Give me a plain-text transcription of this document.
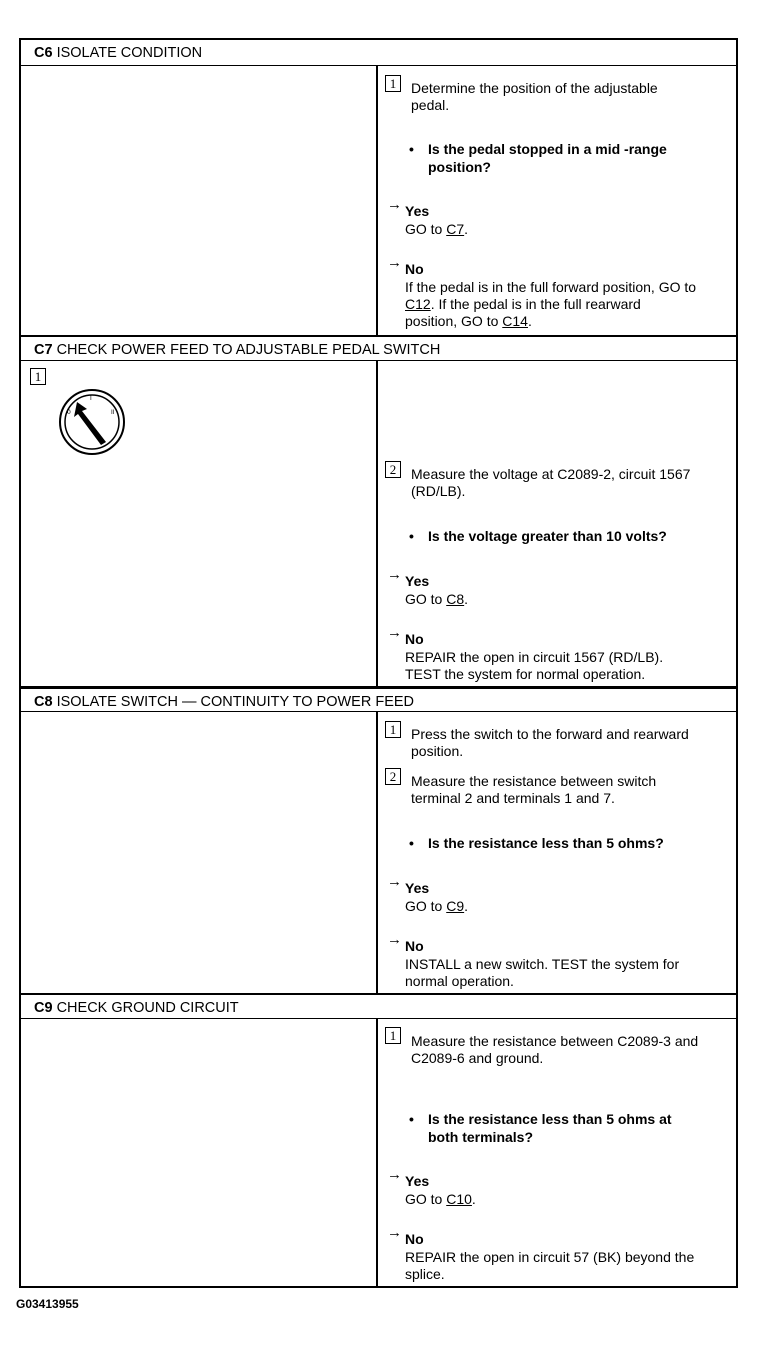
C6 ISOLATE CONDITION
1	Determine the position of the adjustable
pedal.
• Is the pedal stopped in a mid -range
position?
→ Yes
GO to C7.
→ No
If the pedal is in the full forward position, GO to
C12. If the pedal is in the full rearward
position, GO to C14.
C7 CHECK POWER FEED TO ADJUSTABLE PEDAL SWITCH
1
0
I
II
2	Measure the voltage at C2089-2, circuit 1567
(RD/LB).
• Is the voltage greater than 10 volts?
→ Yes
GO to C8.
→ No
REPAIR the open in circuit 1567 (RD/LB).
TEST the system for normal operation.
C8 ISOLATE SWITCH — CONTINUITY TO POWER FEED
1	Press the switch to the forward and rearward
position.
2	Measure the resistance between switch
terminal 2 and terminals 1 and 7.
• Is the resistance less than 5 ohms?
→ Yes
GO to C9.
→ No
INSTALL a new switch. TEST the system for
normal operation.
C9 CHECK GROUND CIRCUIT
1	Measure the resistance between C2089-3 and
C2089-6 and ground.
• Is the resistance less than 5 ohms at
both terminals?
→ Yes
GO to C10.
→ No
REPAIR the open in circuit 57 (BK) beyond the
splice.
G03413955
